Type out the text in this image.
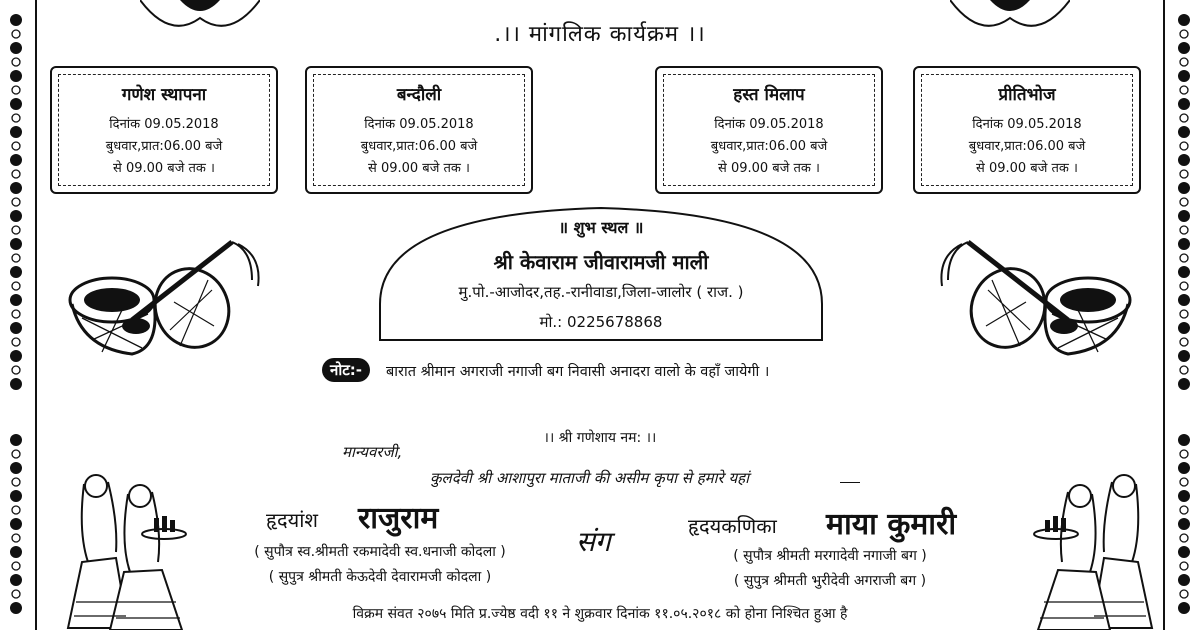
.।। मांगलिक कार्यक्रम ।।
गणेश स्थापना
दिनांक 09.05.2018
बुधवार,प्रात:06.00 बजे
से 09.00 बजे तक ।
बन्दौली
दिनांक 09.05.2018
बुधवार,प्रात:06.00 बजे
से 09.00 बजे तक ।
हस्त मिलाप
दिनांक 09.05.2018
बुधवार,प्रात:06.00 बजे
से 09.00 बजे तक ।
प्रीतिभोज
दिनांक 09.05.2018
बुधवार,प्रात:06.00 बजे
से 09.00 बजे तक ।
॥ शुभ स्थल ॥
श्री केवाराम जीवारामजी माली
मु.पो.-आजोदर,तह.-रानीवाडा,जिला-जालोर ( राज. )
मो.: 0225678868
नोट:-	बारात श्रीमान अगराजी नगाजी बग निवासी अनादरा वालो के वहाँ जायेगी ।
।। श्री गणेशाय नम: ।।
मान्यवरजी,
कुलदेवी श्री आशापुरा माताजी की असीम कृपा से हमारे यहां
हृदयांश राजुराम
( सुपौत्र स्व.श्रीमती रकमादेवी स्व.धनाजी कोदला )
( सुपुत्र श्रीमती केऊदेवी देवारामजी कोदला )
संग	हृदयकणिका माया कुमारी
( सुपौत्र श्रीमती मरगादेवी नगाजी बग )
( सुपुत्र श्रीमती भुरीदेवी अगराजी बग )
विक्रम संवत २०७५ मिति प्र.ज्येष्ठ वदी ११ ने शुक्रवार दिनांक ११.०५.२०१८ को होना निश्चित हुआ है
